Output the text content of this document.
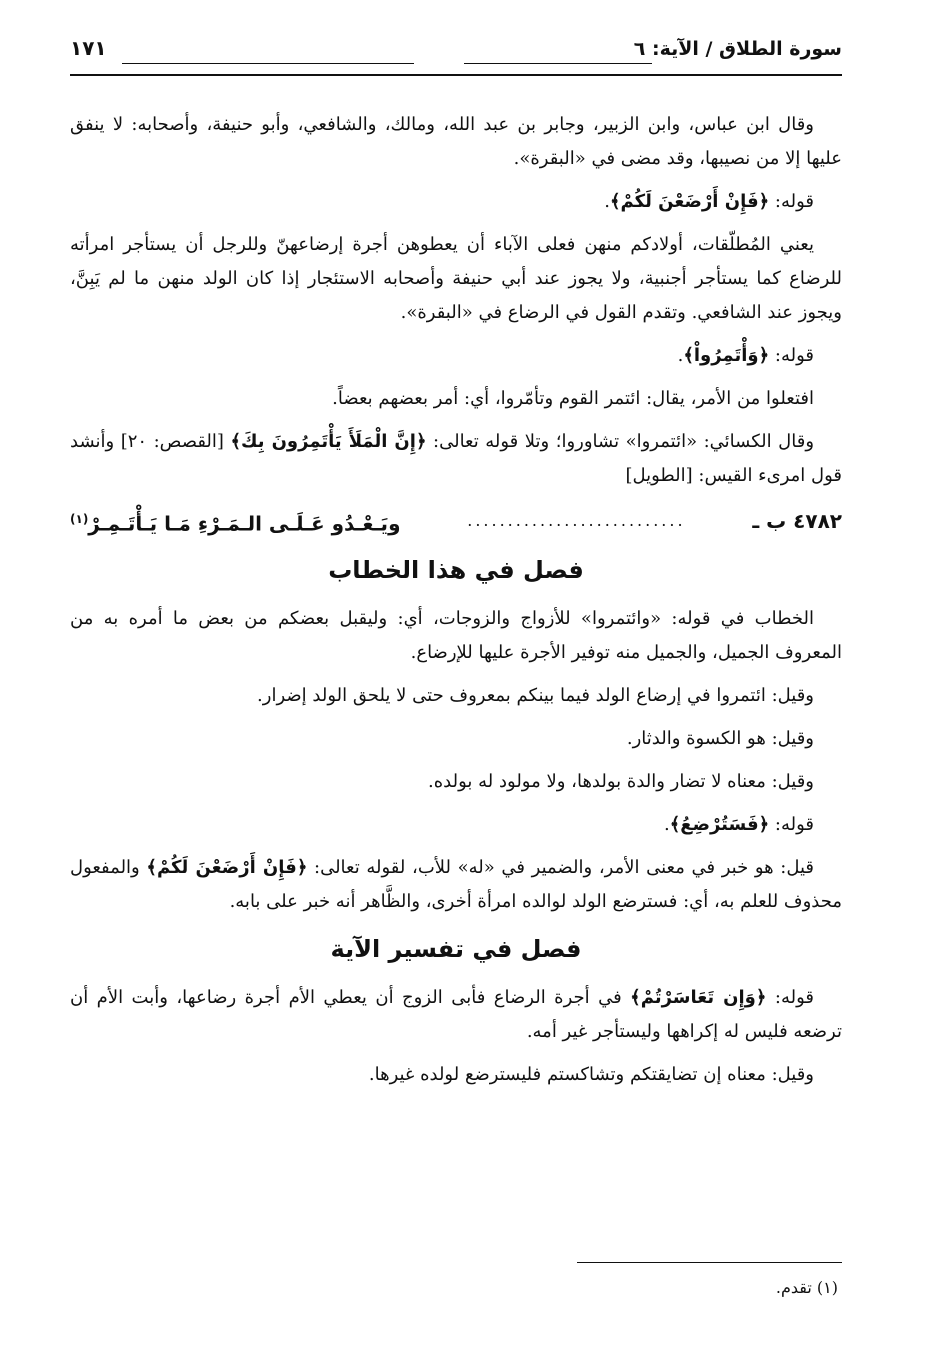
سورة الطلاق / الآية: ٦
١٧١

وقال ابن عباس، وابن الزبير، وجابر بن عبد الله، ومالك، والشافعي، وأبو حنيفة، وأصحابه: لا ينفق عليها إلا من نصيبها، وقد مضى في «البقرة».

قوله: ﴿فَإِنْ أَرْضَعْنَ لَكُمْ﴾.

يعني المُطلّقات، أولادكم منهن فعلى الآباء أن يعطوهن أجرة إرضاعهنّ وللرجل أن يستأجر امرأته للرضاع كما يستأجر أجنبية، ولا يجوز عند أبي حنيفة وأصحابه الاستئجار إذا كان الولد منهن ما لم يَبِنَّ، ويجوز عند الشافعي. وتقدم القول في الرضاع في «البقرة».

قوله: ﴿وَأْتَمِرُواْ﴾.

افتعلوا من الأمر، يقال: ائتمر القوم وتأمّروا، أي: أمر بعضهم بعضاً.

وقال الكسائي: «ائتمروا» تشاوروا؛ وتلا قوله تعالى: ﴿إِنَّ الْمَلَأَ يَأْتَمِرُونَ بِكَ﴾ [القصص: ٢٠] وأنشد قول امرىء القيس: [الطويل]

٤٧٨٢ ب ـ
...........................
ويَـعْـدُو عَـلَـى الـمَـرْءِ مَـا يَـأْتَـمِـرْ$^{(١)}$
فصل في هذا الخطاب

الخطاب في قوله: «وائتمروا» للأزواج والزوجات، أي: وليقبل بعضكم من بعض ما أمره به من المعروف الجميل، والجميل منه توفير الأجرة عليها للإرضاع.

وقيل: ائتمروا في إرضاع الولد فيما بينكم بمعروف حتى لا يلحق الولد إضرار.

وقيل: هو الكسوة والدثار.

وقيل: معناه لا تضار والدة بولدها، ولا مولود له بولده.

قوله: ﴿فَسَتُرْضِعُ﴾.

قيل: هو خبر في معنى الأمر، والضمير في «له» للأب، لقوله تعالى: ﴿فَإِنْ أَرْضَعْنَ لَكُمْ﴾ والمفعول محذوف للعلم به، أي: فسترضع الولد لوالده امرأة أخرى، والظَّاهر أنه خبر على بابه.

فصل في تفسير الآية

قوله: ﴿وَإِن تَعَاسَرْتُمْ﴾ في أجرة الرضاع فأبى الزوج أن يعطي الأم أجرة رضاعها، وأبت الأم أن ترضعه فليس له إكراهها وليستأجر غير أمه.

وقيل: معناه إن تضايقتكم وتشاكستم فليسترضع لولده غيرها.

(١) تقدم.
